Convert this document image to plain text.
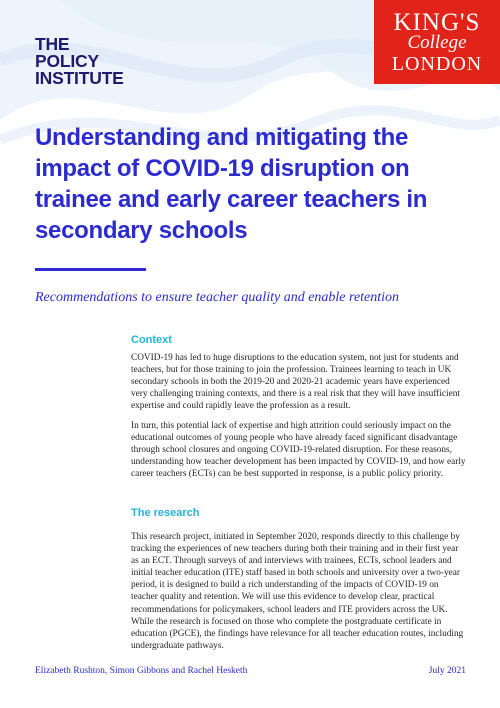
THE
POLICY
INSTITUTE
KING'S
College
LONDON
Understanding and mitigating the impact of COVID-19 disruption on trainee and early career teachers in secondary schools
Recommendations to ensure teacher quality and enable retention
Context

COVID-19 has led to huge disruptions to the education system, not just for students and teachers, but for those training to join the profession. Trainees learning to teach in UK secondary schools in both the 2019-20 and 2020-21 academic years have experienced very challenging training contexts, and there is a real risk that they will have insufficient expertise and could rapidly leave the profession as a result.

In turn, this potential lack of expertise and high attrition could seriously impact on the educational outcomes of young people who have already faced significant disadvantage through school closures and ongoing COVID-19-related disruption. For these reasons, understanding how teacher development has been impacted by COVID-19, and how early career teachers (ECTs) can be best supported in response, is a public policy priority.

The research

This research project, initiated in September 2020, responds directly to this challenge by tracking the experiences of new teachers during both their training and in their first year as an ECT. Through surveys of and interviews with trainees, ECTs, school leaders and initial teacher education (ITE) staff based in both schools and university over a two-year period, it is designed to build a rich understanding of the impacts of COVID-19 on teacher quality and retention. We will use this evidence to develop clear, practical recommendations for policymakers, school leaders and ITE providers across the UK. While the research is focused on those who complete the postgraduate certificate in education (PGCE), the findings have relevance for all teacher education routes, including undergraduate pathways.

Elizabeth Rushton, Simon Gibbons and Rachel Hesketh	July 2021
